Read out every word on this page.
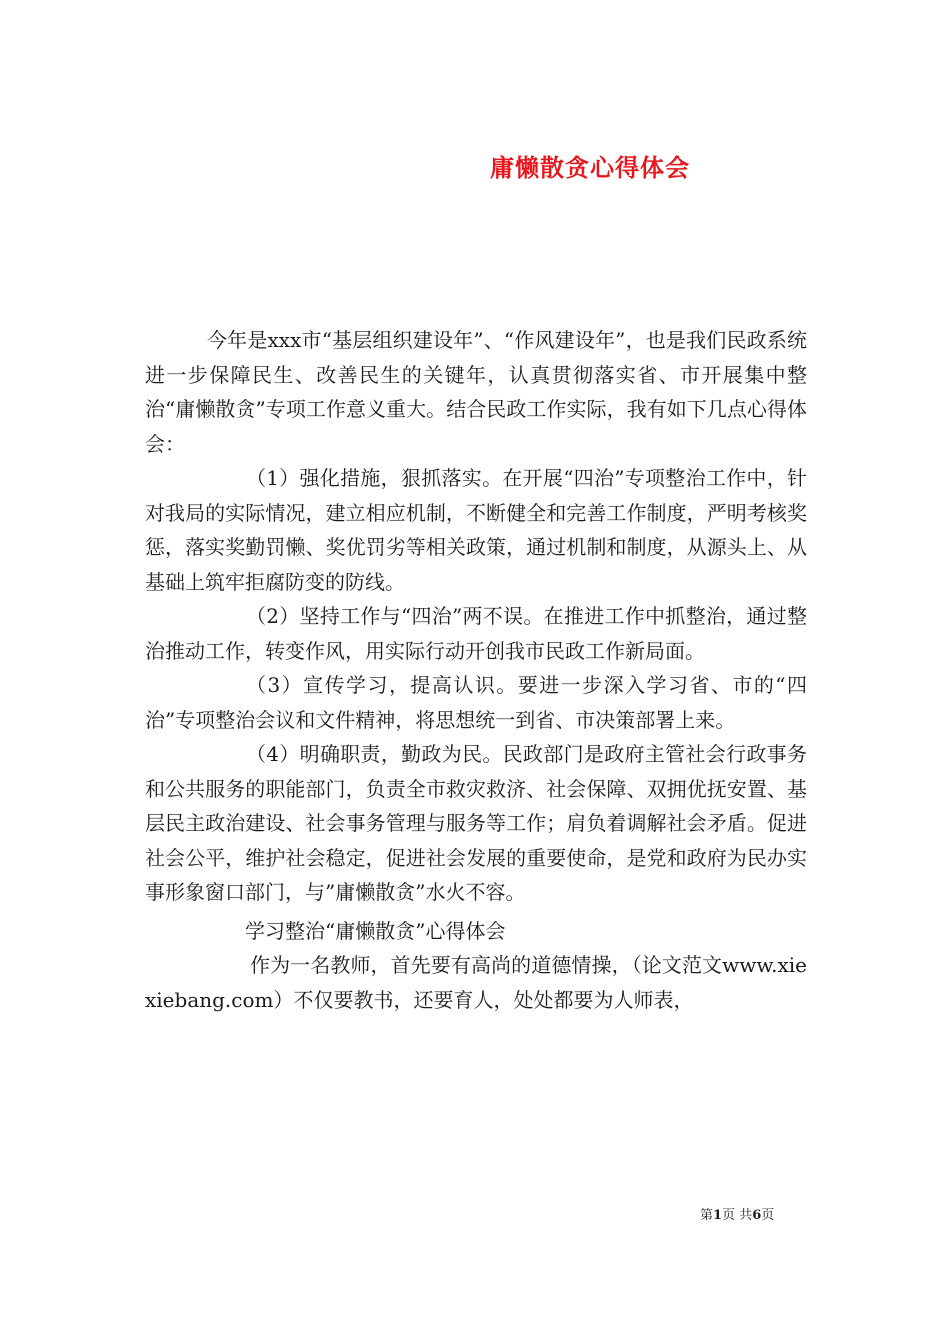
庸懒散贪心得体会

今年是xxx市“基层组织建设年”、“作风建设年”，也是我们民政系统进一步保障民生、改善民生的关键年，认真贯彻落实省、市开展集中整治“庸懒散贪”专项工作意义重大。结合民政工作实际，我有如下几点心得体会：

（1）强化措施，狠抓落实。在开展“四治”专项整治工作中，针对我局的实际情况，建立相应机制，不断健全和完善工作制度，严明考核奖惩，落实奖勤罚懒、奖优罚劣等相关政策，通过机制和制度，从源头上、从基础上筑牢拒腐防变的防线。

（2）坚持工作与“四治”两不误。在推进工作中抓整治，通过整治推动工作，转变作风，用实际行动开创我市民政工作新局面。

（3）宣传学习，提高认识。要进一步深入学习省、市的“四治”专项整治会议和文件精神，将思想统一到省、市决策部署上来。

（4）明确职责，勤政为民。民政部门是政府主管社会行政事务和公共服务的职能部门，负责全市救灾救济、社会保障、双拥优抚安置、基层民主政治建设、社会事务管理与服务等工作；肩负着调解社会矛盾。促进社会公平，维护社会稳定，促进社会发展的重要使命，是党和政府为民办实事形象窗口部门，与”庸懒散贪”水火不容。

学习整治“庸懒散贪”心得体会

作为一名教师，首先要有高尚的道德情操，（论文范文www.xiexiebang.com）不仅要教书，还要育人，处处都要为人师表，

第1页 共6页
